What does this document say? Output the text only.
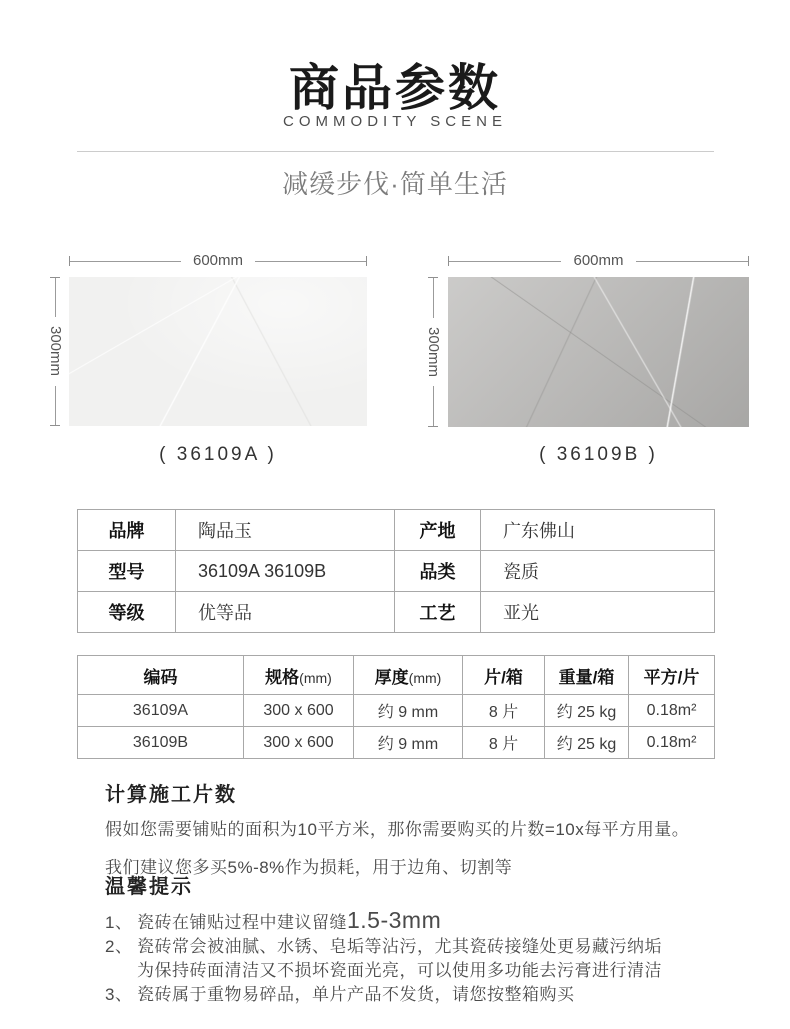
商品参数
COMMODITY SCENE
减缓步伐·简单生活
600mm
300mm
( 36109A )
600mm
300mm
( 36109B )
品牌	陶品玉	产地	广东佛山
型号	36109A 36109B	品类	瓷质
等级	优等品	工艺	亚光
编码	规格(mm)	厚度(mm)	片/箱	重量/箱	平方/片
36109A	300 x 600	约 9 mm	8 片	约 25 kg	0.18m²
36109B	300 x 600	约 9 mm	8 片	约 25 kg	0.18m²
计算施工片数

假如您需要铺贴的面积为10平方米，那你需要购买的片数=10x每平方用量。

我们建议您多买5%-8%作为损耗，用于边角、切割等

温馨提示
1、 瓷砖在铺贴过程中建议留缝1.5-3mm
2、 瓷砖常会被油腻、水锈、皂垢等沾污，尤其瓷砖接缝处更易藏污纳垢
为保持砖面清洁又不损坏瓷面光亮，可以使用多功能去污膏进行清洁
3、 瓷砖属于重物易碎品，单片产品不发货，请您按整箱购买
